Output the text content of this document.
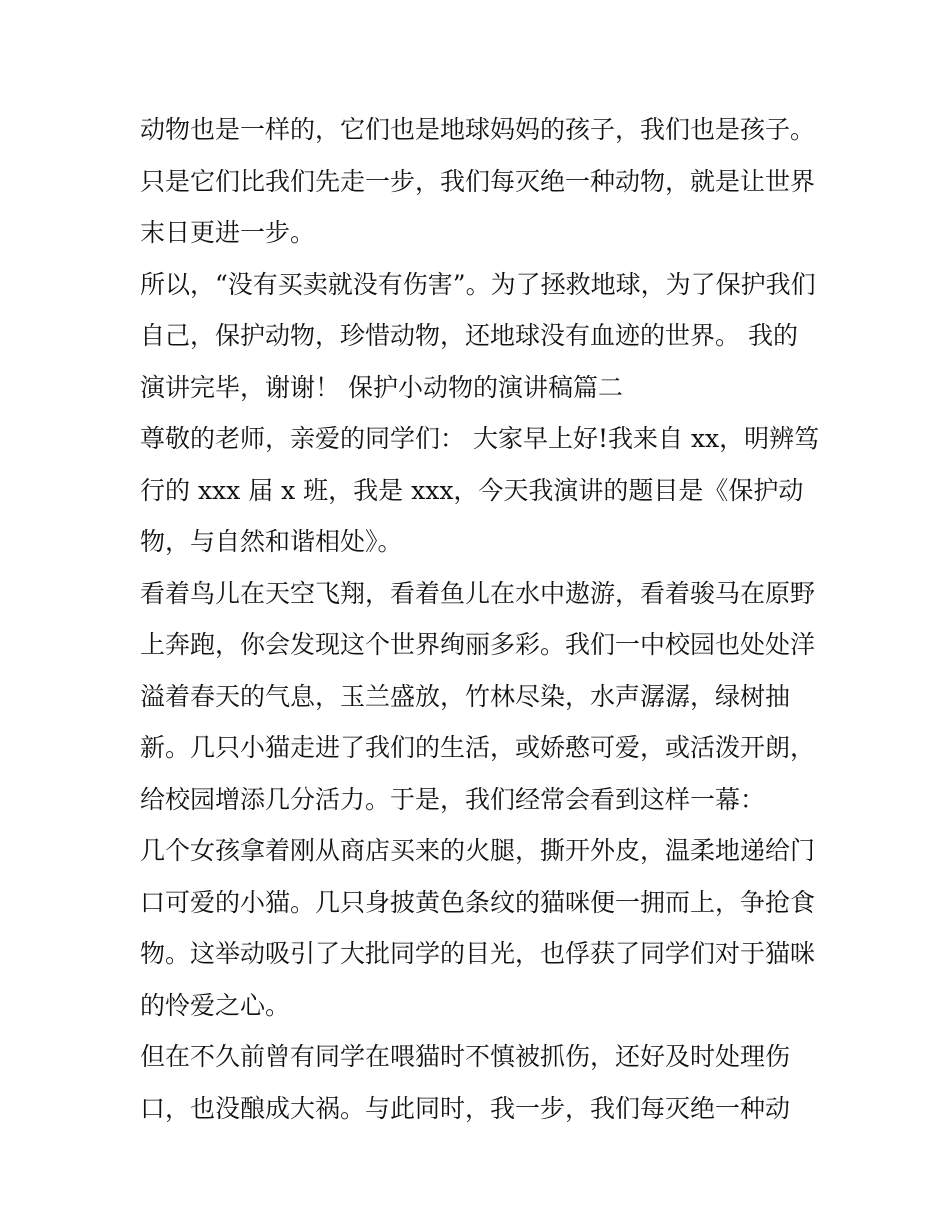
动物也是一样的，它们也是地球妈妈的孩子，我们也是孩子。
只是它们比我们先走一步，我们每灭绝一种动物，就是让世界
末日更进一步。
所以，“没有买卖就没有伤害”。为了拯救地球，为了保护我们
自己，保护动物，珍惜动物，还地球没有血迹的世界。 我的
演讲完毕，谢谢！ 保护小动物的演讲稿篇二
尊敬的老师，亲爱的同学们： 大家早上好!我来自 xx，明辨笃
行的 xxx 届 x 班，我是 xxx，今天我演讲的题目是《保护动
物，与自然和谐相处》。
看着鸟儿在天空飞翔，看着鱼儿在水中遨游，看着骏马在原野
上奔跑，你会发现这个世界绚丽多彩。我们一中校园也处处洋
溢着春天的气息，玉兰盛放，竹林尽染，水声潺潺，绿树抽
新。几只小猫走进了我们的生活，或娇憨可爱，或活泼开朗，
给校园增添几分活力。于是，我们经常会看到这样一幕：
几个女孩拿着刚从商店买来的火腿，撕开外皮，温柔地递给门
口可爱的小猫。几只身披黄色条纹的猫咪便一拥而上，争抢食
物。这举动吸引了大批同学的目光，也俘获了同学们对于猫咪
的怜爱之心。
但在不久前曾有同学在喂猫时不慎被抓伤，还好及时处理伤
口，也没酿成大祸。与此同时，我一步，我们每灭绝一种动
